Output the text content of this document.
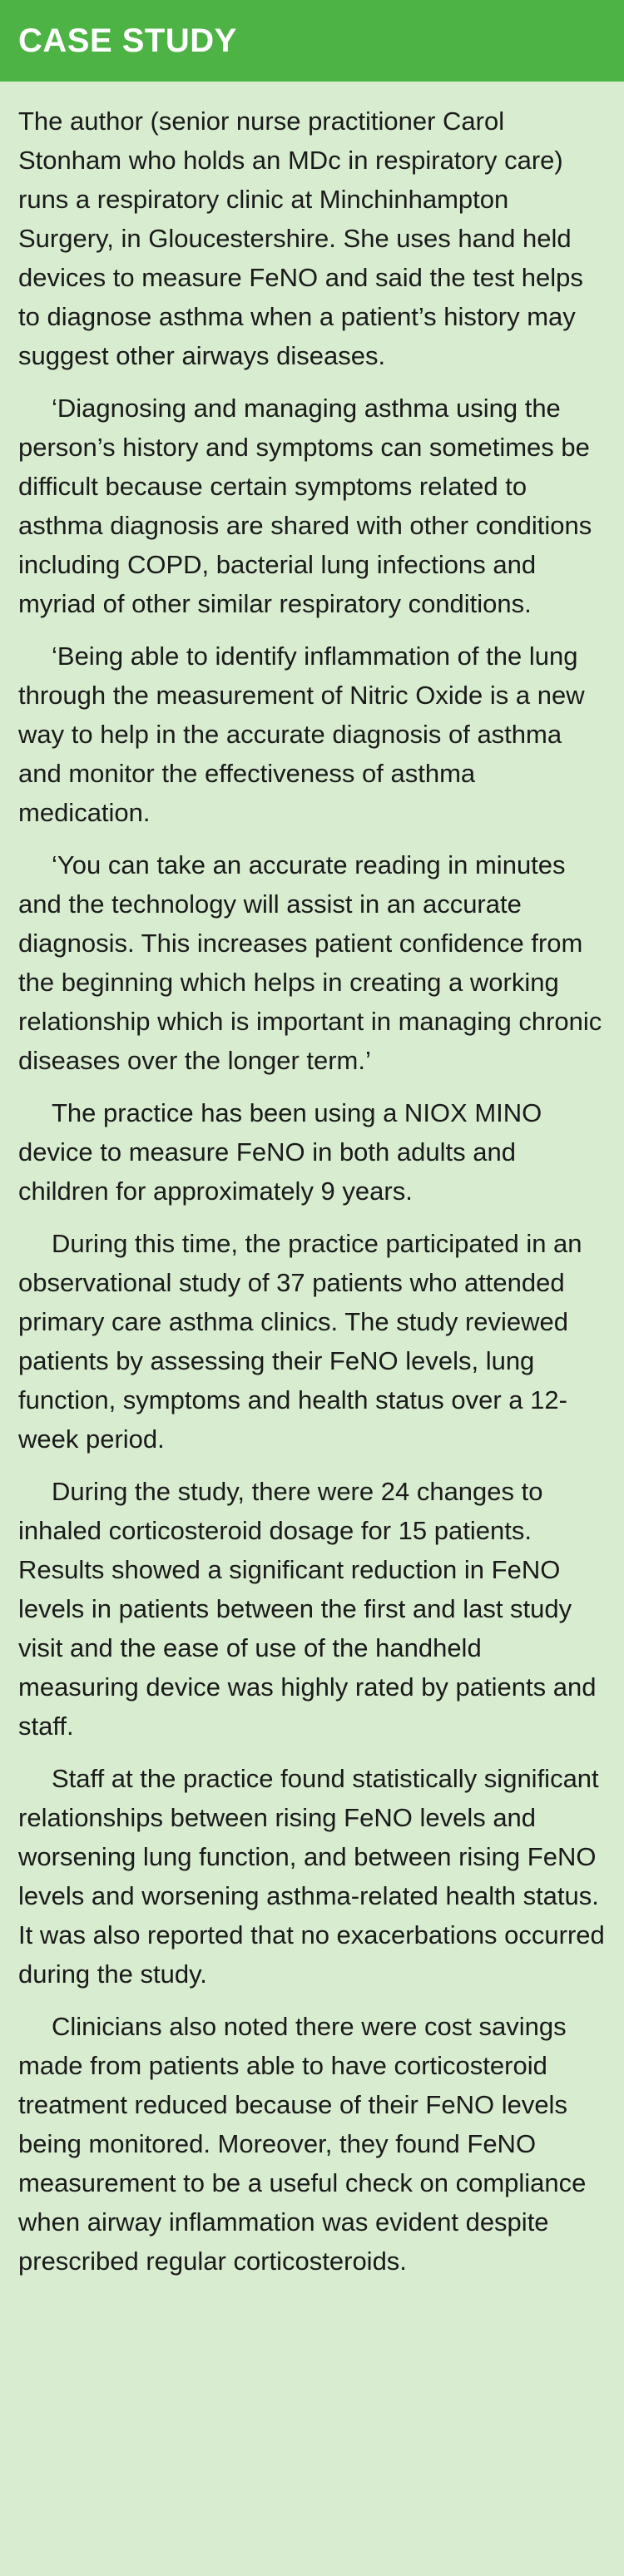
CASE STUDY

The author (senior nurse practitioner Carol Stonham who holds an MDc in respiratory care) runs a respiratory clinic at Minchinhampton Surgery, in Gloucestershire. She uses hand held devices to measure FeNO and said the test helps to diagnose asthma when a patient’s history may suggest other airways diseases.

‘Diagnosing and managing asthma using the person’s history and symptoms can sometimes be difficult because certain symptoms related to asthma diagnosis are shared with other conditions including COPD, bacterial lung infections and myriad of other similar respiratory conditions.

‘Being able to identify inflammation of the lung through the measurement of Nitric Oxide is a new way to help in the accurate diagnosis of asthma and monitor the effectiveness of asthma medication.

‘You can take an accurate reading in minutes and the technology will assist in an accurate diagnosis. This increases patient confidence from the beginning which helps in creating a working relationship which is important in managing chronic diseases over the longer term.’

The practice has been using a NIOX MINO device to measure FeNO in both adults and children for approximately 9 years.

During this time, the practice participated in an observational study of 37 patients who attended primary care asthma clinics. The study reviewed patients by assessing their FeNO levels, lung function, symptoms and health status over a 12-week period.

During the study, there were 24 changes to inhaled corticosteroid dosage for 15 patients. Results showed a significant reduction in FeNO levels in patients between the first and last study visit and the ease of use of the handheld measuring device was highly rated by patients and staff.

Staff at the practice found statistically significant relationships between rising FeNO levels and worsening lung function, and between rising FeNO levels and worsening asthma-related health status. It was also reported that no exacerbations occurred during the study.

Clinicians also noted there were cost savings made from patients able to have corticosteroid treatment reduced because of their FeNO levels being monitored. Moreover, they found FeNO measurement to be a useful check on compliance when airway inflammation was evident despite prescribed regular corticosteroids.
